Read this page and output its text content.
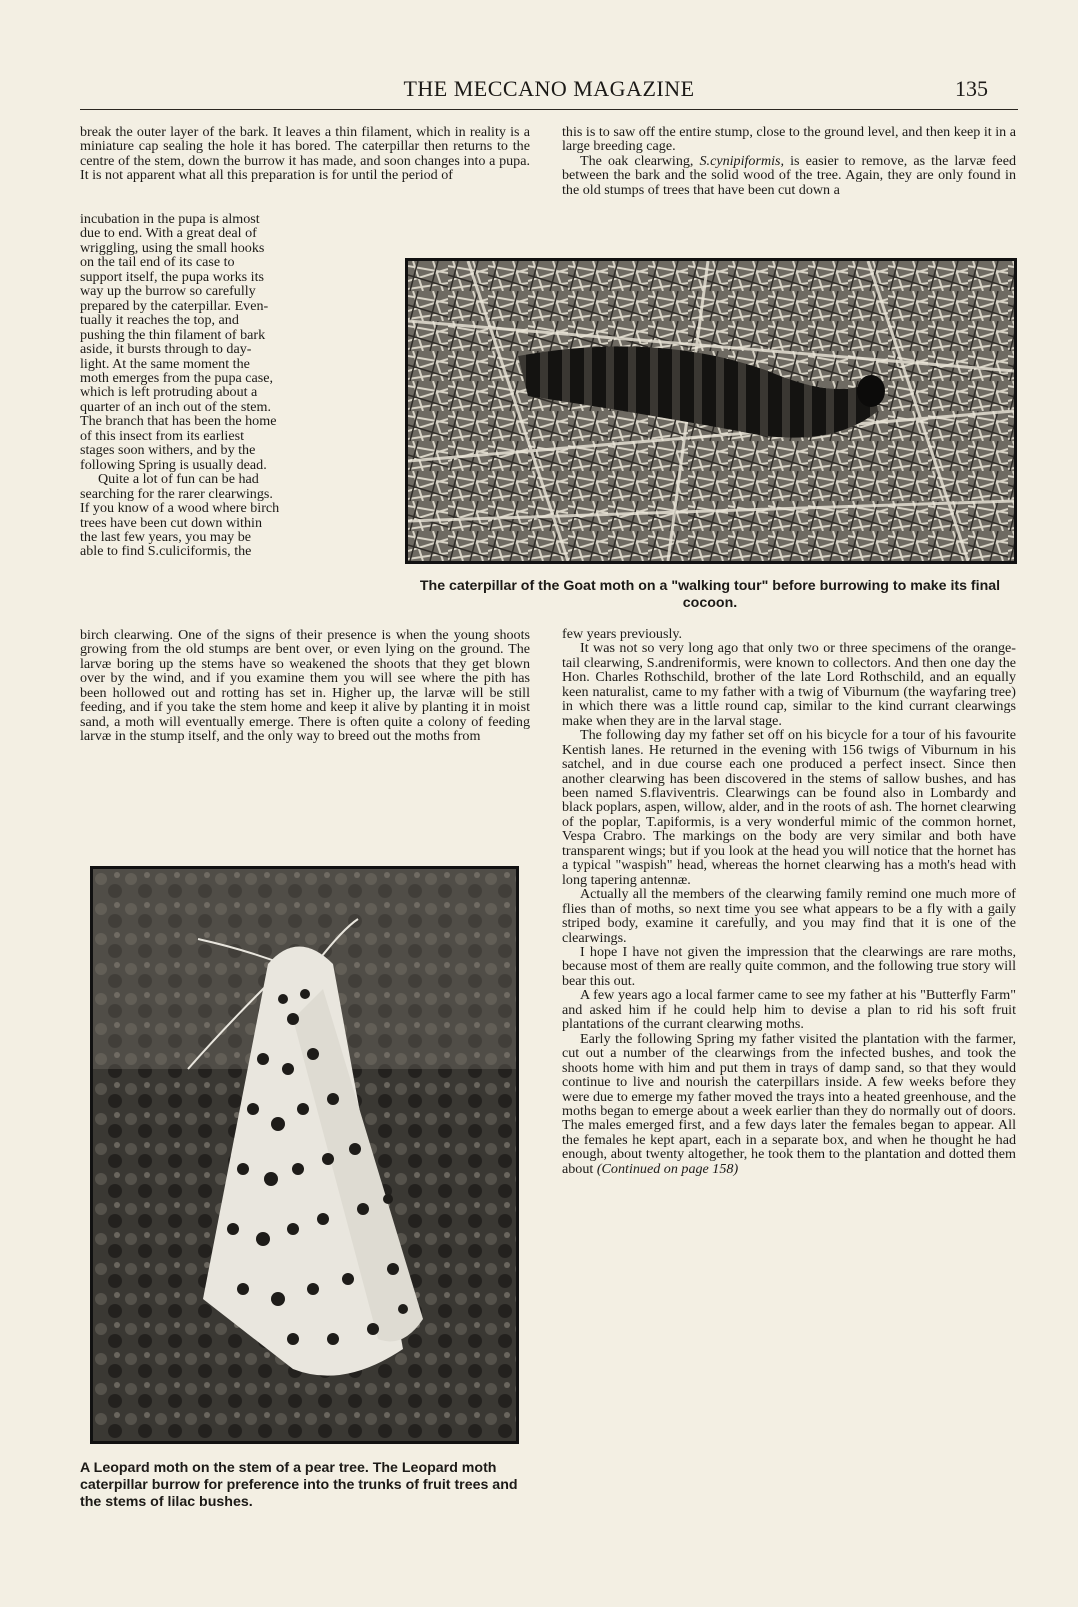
THE MECCANO MAGAZINE	135

break the outer layer of the bark. It leaves a thin filament, which in reality is a miniature cap sealing the hole it has bored. The caterpillar then returns to the centre of the stem, down the burrow it has made, and soon changes into a pupa. It is not apparent what all this preparation is for until the period of

incubation in the pupa is almost
due to end. With a great deal of
wriggling, using the small hooks
on the tail end of its case to
support itself, the pupa works its
way up the burrow so carefully
prepared by the caterpillar. Even-
tually it reaches the top, and
pushing the thin filament of bark
aside, it bursts through to day-
light. At the same moment the
moth emerges from the pupa case,
which is left protruding about a
quarter of an inch out of the stem.
The branch that has been the home
of this insect from its earliest
stages soon withers, and by the
following Spring is usually dead.
Quite a lot of fun can be had
searching for the rarer clearwings.
If you know of a wood where birch
trees have been cut down within
the last few years, you may be
able to find S.culiciformis, the

birch clearwing. One of the signs of their presence is when the young shoots growing from the old stumps are bent over, or even lying on the ground. The larvæ boring up the stems have so weakened the shoots that they get blown over by the wind, and if you examine them you will see where the pith has been hollowed out and rotting has set in. Higher up, the larvæ will be still feeding, and if you take the stem home and keep it alive by planting it in moist sand, a moth will eventually emerge. There is often quite a colony of feeding larvæ in the stump itself, and the only way to breed out the moths from

this is to saw off the entire stump, close to the ground level, and then keep it in a large breeding cage.

The oak clearwing, S.cynipiformis, is easier to remove, as the larvæ feed between the bark and the solid wood of the tree. Again, they are only found in the old stumps of trees that have been cut down a

The caterpillar of the Goat moth on a "walking tour" before burrowing to make its final cocoon.
A Leopard moth on the stem of a pear tree. The Leopard moth caterpillar burrow for preference into the trunks of fruit trees and the stems of lilac bushes.

few years previously.

It was not so very long ago that only two or three specimens of the orange-tail clearwing, S.andreniformis, were known to collectors. And then one day the Hon. Charles Rothschild, brother of the late Lord Rothschild, and an equally keen naturalist, came to my father with a twig of Viburnum (the wayfaring tree) in which there was a little round cap, similar to the kind currant clearwings make when they are in the larval stage.

The following day my father set off on his bicycle for a tour of his favourite Kentish lanes. He returned in the evening with 156 twigs of Viburnum in his satchel, and in due course each one produced a perfect insect. Since then another clearwing has been discovered in the stems of sallow bushes, and has been named S.flaviventris. Clearwings can be found also in Lombardy and black poplars, aspen, willow, alder, and in the roots of ash. The hornet clearwing of the poplar, T.apiformis, is a very wonderful mimic of the common hornet, Vespa Crabro. The markings on the body are very similar and both have transparent wings; but if you look at the head you will notice that the hornet has a typical "waspish" head, whereas the hornet clearwing has a moth's head with long tapering antennæ.

Actually all the members of the clearwing family remind one much more of flies than of moths, so next time you see what appears to be a fly with a gaily striped body, examine it carefully, and you may find that it is one of the clearwings.

I hope I have not given the impression that the clearwings are rare moths, because most of them are really quite common, and the following true story will bear this out.

A few years ago a local farmer came to see my father at his "Butterfly Farm" and asked him if he could help him to devise a plan to rid his soft fruit plantations of the currant clearwing moths.

Early the following Spring my father visited the plantation with the farmer, cut out a number of the clearwings from the infected bushes, and took the shoots home with him and put them in trays of damp sand, so that they would continue to live and nourish the caterpillars inside. A few weeks before they were due to emerge my father moved the trays into a heated greenhouse, and the moths began to emerge about a week earlier than they do normally out of doors. The males emerged first, and a few days later the females began to appear. All the females he kept apart, each in a separate box, and when he thought he had enough, about twenty altogether, he took them to the plantation and dotted them about (Continued on page 158)
